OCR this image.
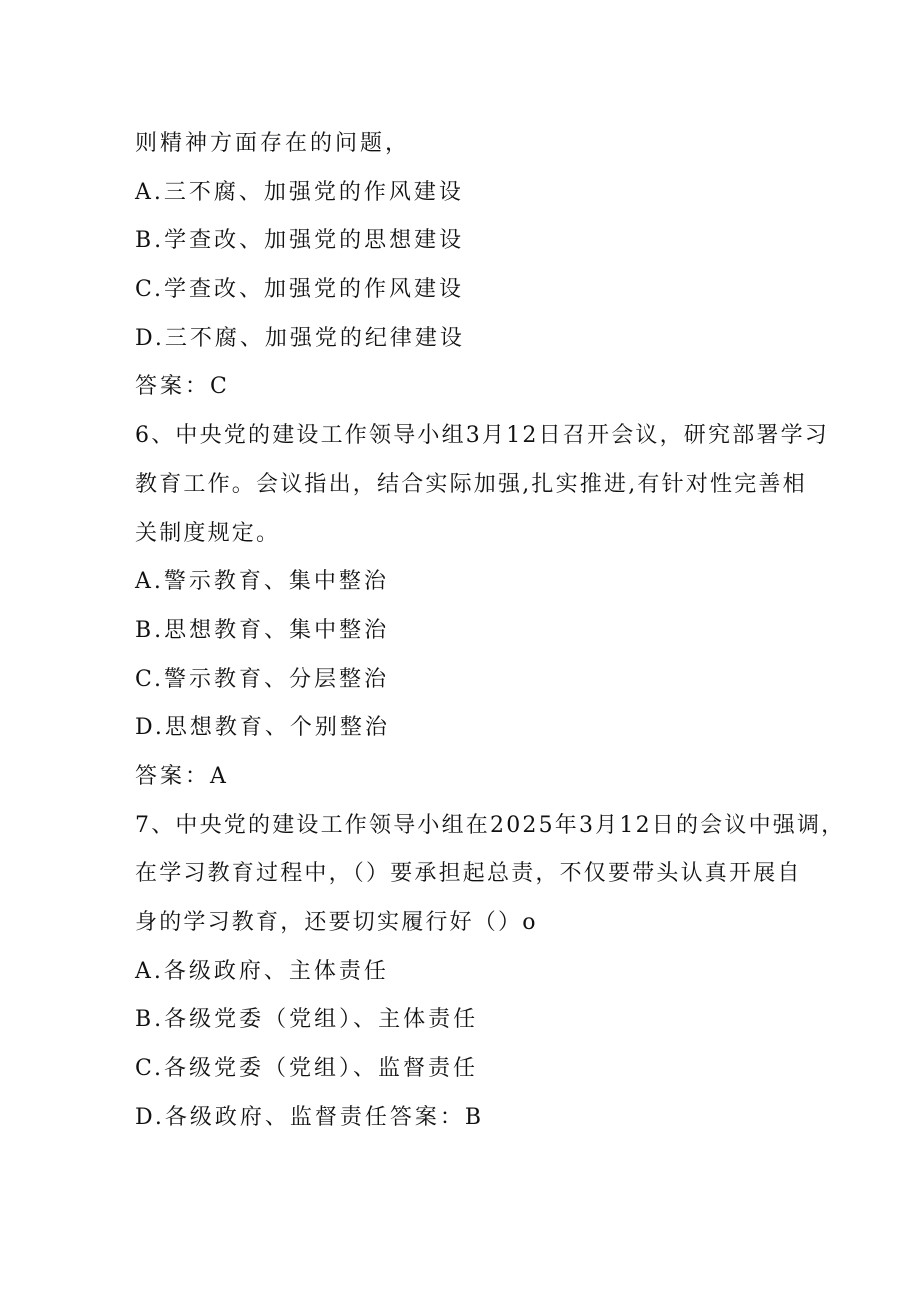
则精神方面存在的问题，
A.三不腐、加强党的作风建设
B.学查改、加强党的思想建设
C.学查改、加强党的作风建设
D.三不腐、加强党的纪律建设
答案：C
6、中央党的建设工作领导小组3月12日召开会议，研究部署学习
教育工作。会议指出，结合实际加强,扎实推进,有针对性完善相
关制度规定。
A.警示教育、集中整治
B.思想教育、集中整治
C.警示教育、分层整治
D.思想教育、个别整治
答案：A
7、中央党的建设工作领导小组在2025年3月12日的会议中强调，
在学习教育过程中，（）要承担起总责，不仅要带头认真开展自
身的学习教育，还要切实履行好（）o
A.各级政府、主体责任
B.各级党委（党组）、主体责任
C.各级党委（党组）、监督责任
D.各级政府、监督责任答案：B
